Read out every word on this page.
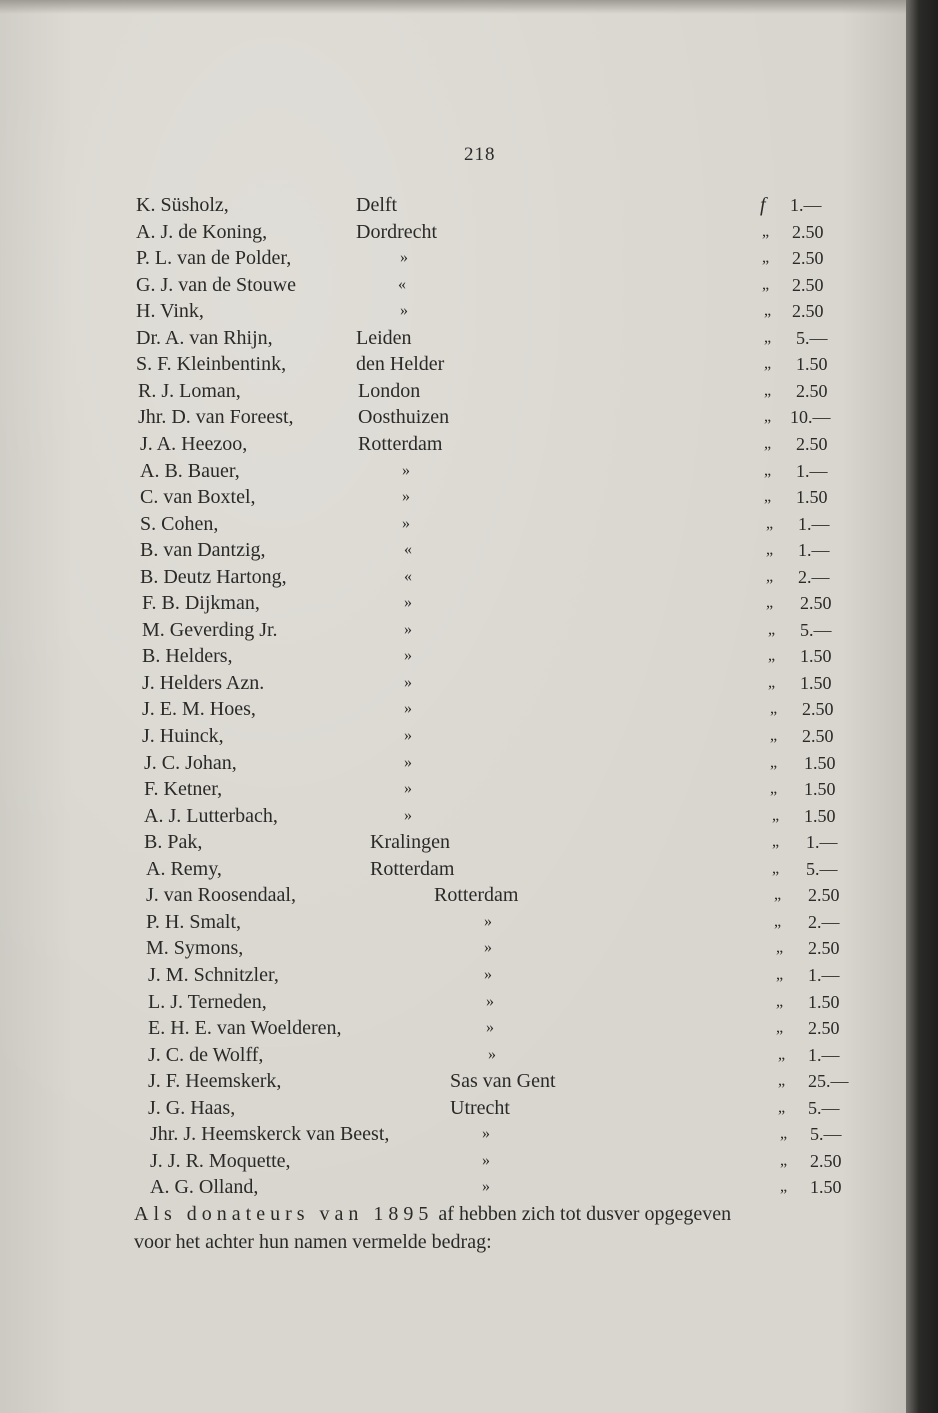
218
K. Süsholz,	Delft	f 1.—
A. J. de Koning,	Dordrecht	„ 2.50
P. L. van de Polder,	»	„ 2.50
G. J. van de Stouwe	«	„ 2.50
H. Vink,	»	„ 2.50
Dr. A. van Rhijn,	Leiden	„ 5.—
S. F. Kleinbentink,	den Helder	„ 1.50
R. J. Loman,	London	„ 2.50
Jhr. D. van Foreest,	Oosthuizen	„ 10.—
J. A. Heezoo,	Rotterdam	„ 2.50
A. B. Bauer,	»	„ 1.—
C. van Boxtel,	»	„ 1.50
S. Cohen,	»	„ 1.—
B. van Dantzig,	«	„ 1.—
B. Deutz Hartong,	«	„ 2.—
F. B. Dijkman,	»	„ 2.50
M. Geverding Jr.	»	„ 5.—
B. Helders,	»	„ 1.50
J. Helders Azn.	»	„ 1.50
J. E. M. Hoes,	»	„ 2.50
J. Huinck,	»	„ 2.50
J. C. Johan,	»	„ 1.50
F. Ketner,	»	„ 1.50
A. J. Lutterbach,	»	„ 1.50
B. Pak,	Kralingen	„ 1.—
A. Remy,	Rotterdam	„ 5.—
J. van Roosendaal,	Rotterdam	„ 2.50
P. H. Smalt,	»	„ 2.—
M. Symons,	»	„ 2.50
J. M. Schnitzler,	»	„ 1.—
L. J. Terneden,	»	„ 1.50
E. H. E. van Woelderen,	»	„ 2.50
J. C. de Wolff,	»	„ 1.—
J. F. Heemskerk,	Sas van Gent	„ 25.—
J. G. Haas,	Utrecht	„ 5.—
Jhr. J. Heemskerck van Beest,	»	„ 5.—
J. J. R. Moquette,	»	„ 2.50
A. G. Olland,	»	„ 1.50
Als donateurs van 1895 af hebben zich tot dusver opgegeven
voor het achter hun namen vermelde bedrag:
